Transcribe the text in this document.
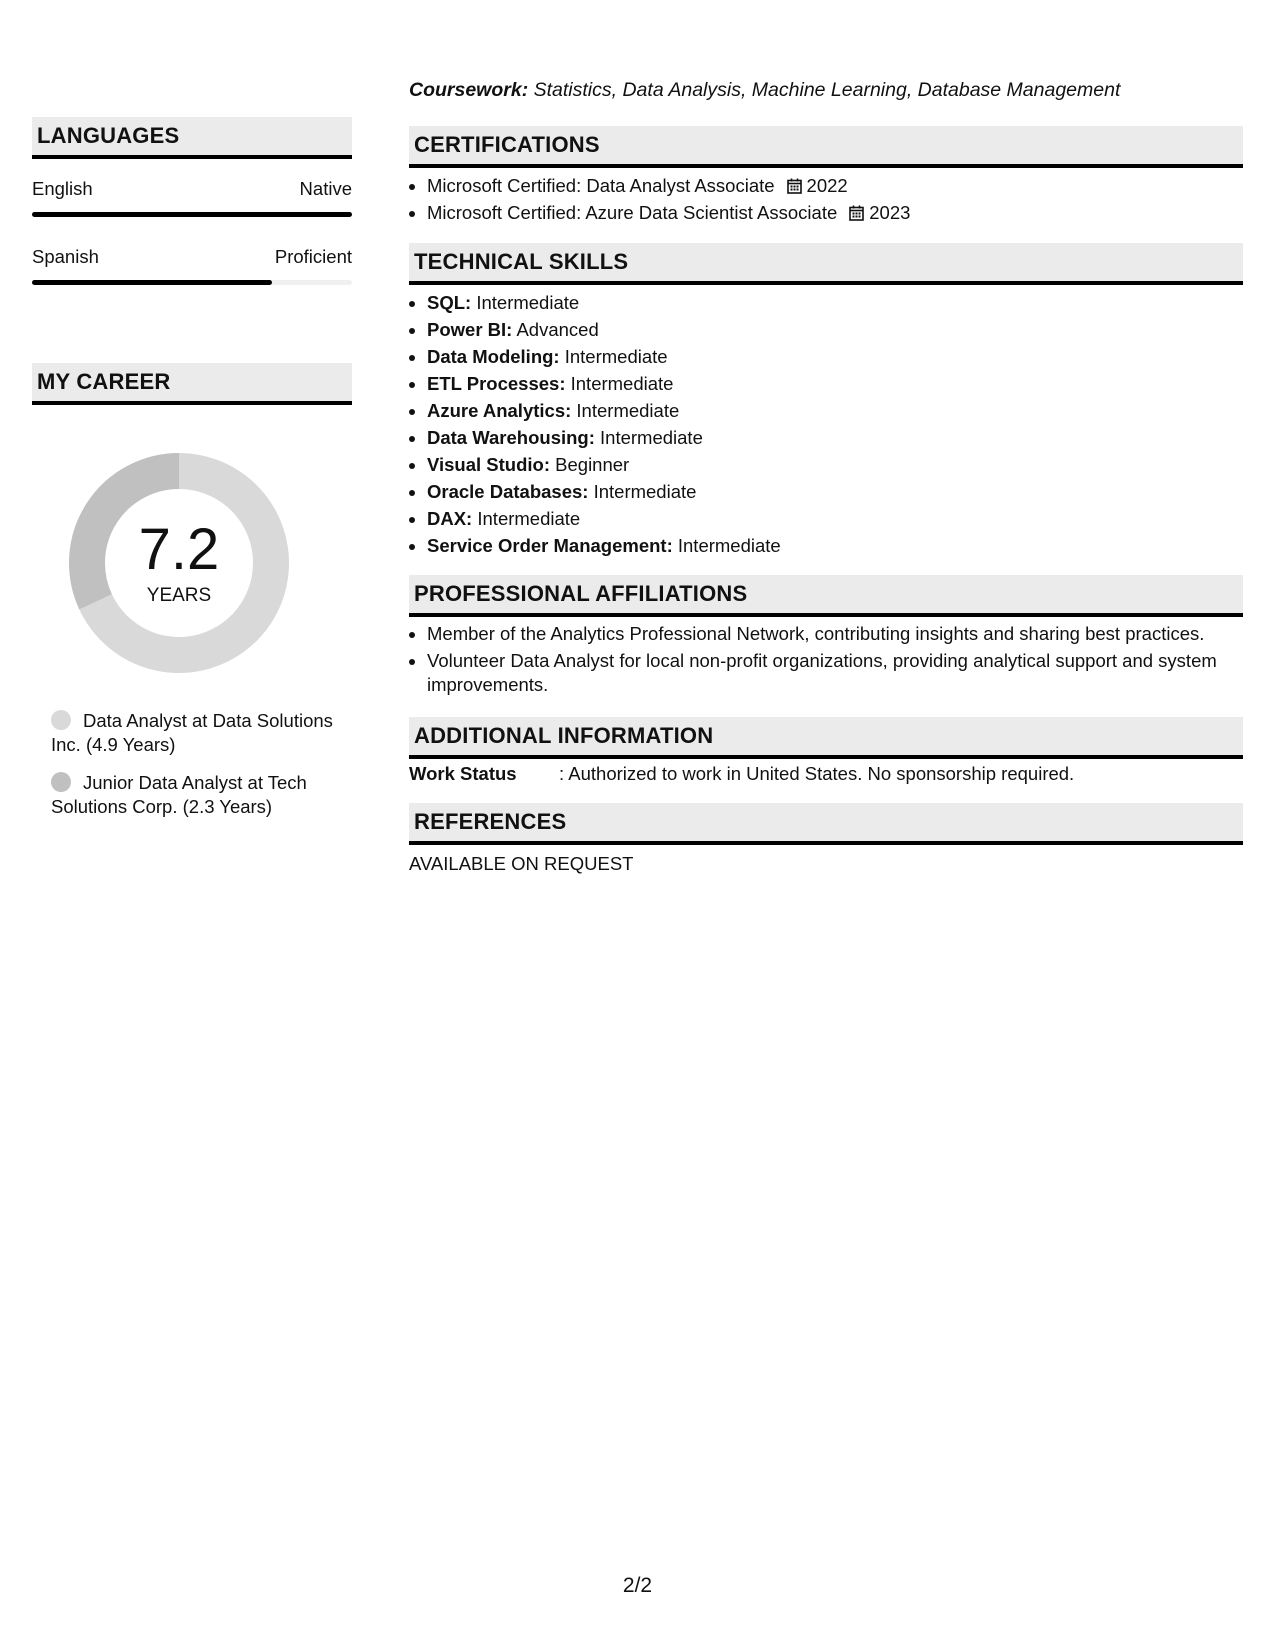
Coursework: Statistics, Data Analysis, Machine Learning, Database Management
LANGUAGES
English	Native
Spanish	Proficient
MY CAREER
7.2
YEARS
Data Analyst at Data Solutions Inc. (4.9 Years)
Junior Data Analyst at Tech Solutions Corp. (2.3 Years)
CERTIFICATIONS
• Microsoft Certified: Data Analyst Associate 2022
• Microsoft Certified: Azure Data Scientist Associate 2023
TECHNICAL SKILLS
• SQL: Intermediate
• Power BI: Advanced
• Data Modeling: Intermediate
• ETL Processes: Intermediate
• Azure Analytics: Intermediate
• Data Warehousing: Intermediate
• Visual Studio: Beginner
• Oracle Databases: Intermediate
• DAX: Intermediate
• Service Order Management: Intermediate
PROFESSIONAL AFFILIATIONS
• Member of the Analytics Professional Network, contributing insights and sharing best practices.
• Volunteer Data Analyst for local non-profit organizations, providing analytical support and system improvements.
ADDITIONAL INFORMATION
Work Status : Authorized to work in United States. No sponsorship required.
REFERENCES
AVAILABLE ON REQUEST
2/2
